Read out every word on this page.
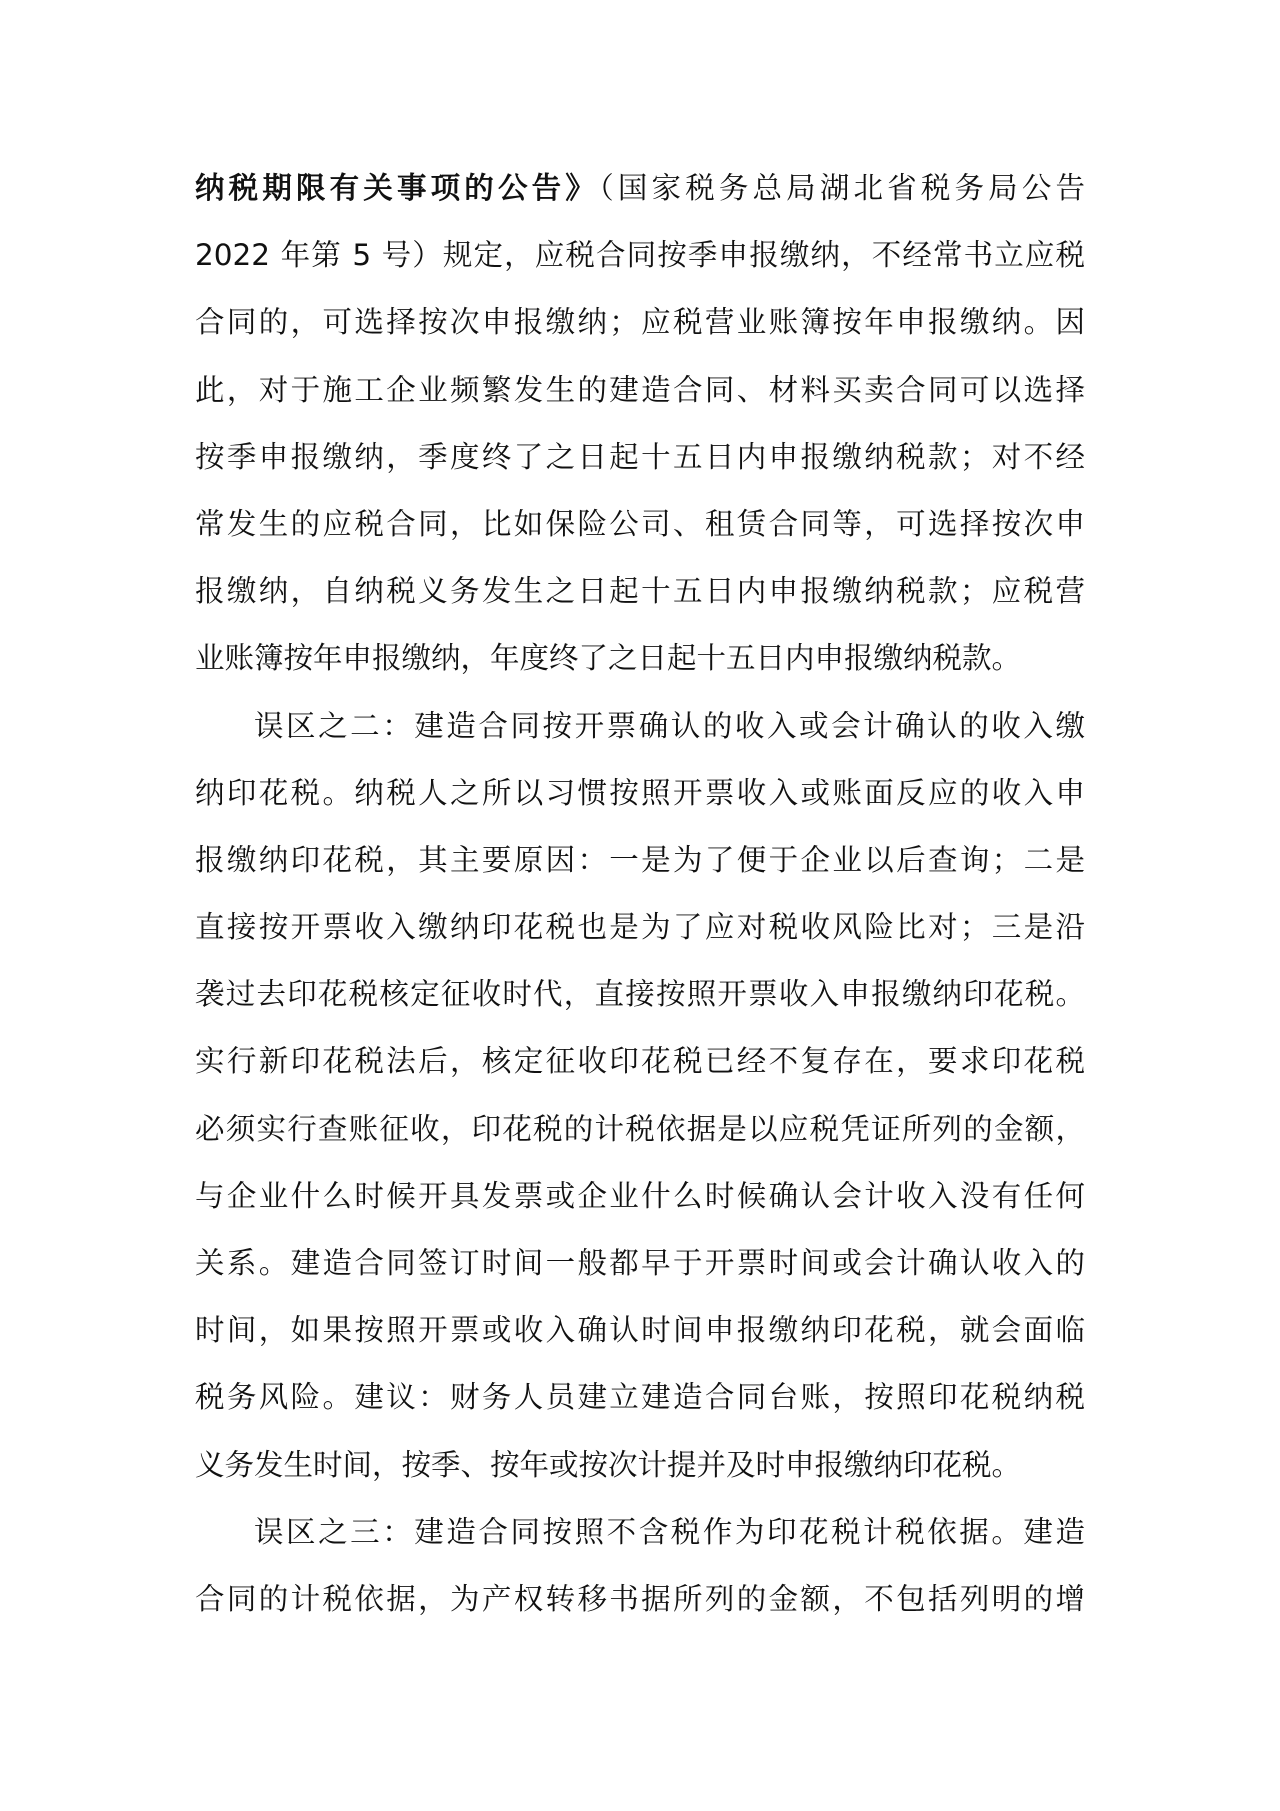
纳税期限有关事项的公告》（国家税务总局湖北省税务局公告
2022 年第 5 号）规定，应税合同按季申报缴纳，不经常书立应税
合同的，可选择按次申报缴纳；应税营业账簿按年申报缴纳。因
此，对于施工企业频繁发生的建造合同、材料买卖合同可以选择
按季申报缴纳，季度终了之日起十五日内申报缴纳税款；对不经
常发生的应税合同，比如保险公司、租赁合同等，可选择按次申
报缴纳，自纳税义务发生之日起十五日内申报缴纳税款；应税营
业账簿按年申报缴纳，年度终了之日起十五日内申报缴纳税款。
误区之二：建造合同按开票确认的收入或会计确认的收入缴
纳印花税。纳税人之所以习惯按照开票收入或账面反应的收入申
报缴纳印花税，其主要原因：一是为了便于企业以后查询；二是
直接按开票收入缴纳印花税也是为了应对税收风险比对；三是沿
袭过去印花税核定征收时代，直接按照开票收入申报缴纳印花税。
实行新印花税法后，核定征收印花税已经不复存在，要求印花税
必须实行查账征收，印花税的计税依据是以应税凭证所列的金额，
与企业什么时候开具发票或企业什么时候确认会计收入没有任何
关系。建造合同签订时间一般都早于开票时间或会计确认收入的
时间，如果按照开票或收入确认时间申报缴纳印花税，就会面临
税务风险。建议：财务人员建立建造合同台账，按照印花税纳税
义务发生时间，按季、按年或按次计提并及时申报缴纳印花税。
误区之三：建造合同按照不含税作为印花税计税依据。建造
合同的计税依据，为产权转移书据所列的金额，不包括列明的增
